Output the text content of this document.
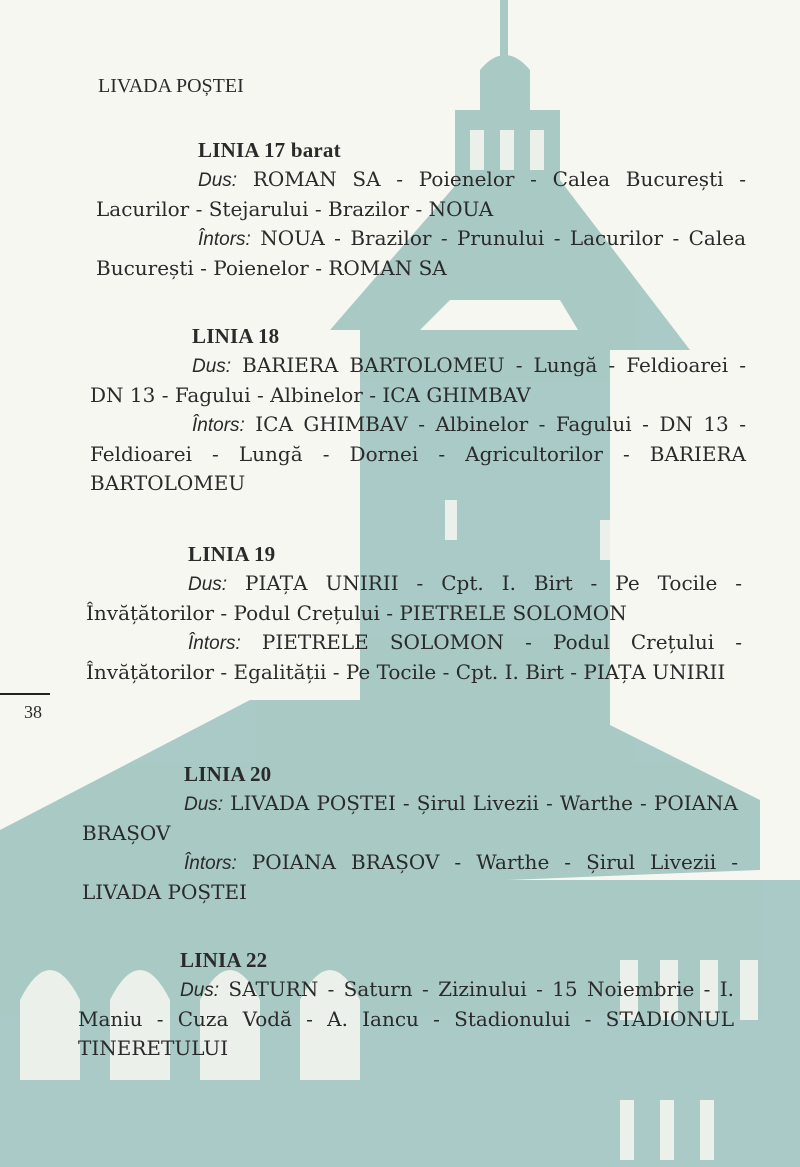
38
LIVADA POȘTEI
LINIA 17 barat
Dus: ROMAN SA - Poienelor - Calea București - Lacurilor - Stejarului - Brazilor - NOUA
Întors: NOUA - Brazilor - Prunului - Lacurilor - Calea București - Poienelor - ROMAN SA
LINIA 18
Dus: BARIERA BARTOLOMEU - Lungă - Feldioarei - DN 13 - Fagului - Albinelor - ICA GHIMBAV
Întors: ICA GHIMBAV - Albinelor - Fagului - DN 13 - Feldioarei - Lungă - Dornei - Agricultorilor - BARIERA BARTOLOMEU
LINIA 19
Dus: PIAȚA UNIRII - Cpt. I. Birt - Pe Tocile - Învățătorilor - Podul Crețului - PIETRELE SOLOMON
Întors: PIETRELE SOLOMON - Podul Crețului - Învățătorilor - Egalității - Pe Tocile - Cpt. I. Birt - PIAȚA UNIRII
LINIA 20
Dus: LIVADA POȘTEI - Șirul Livezii - Warthe - POIANA BRAȘOV
Întors: POIANA BRAȘOV - Warthe - Șirul Livezii - LIVADA POȘTEI
LINIA 22
Dus: SATURN - Saturn - Zizinului - 15 Noiembrie - I. Maniu - Cuza Vodă - A. Iancu - Stadionului - STADIONUL TINERETULUI
